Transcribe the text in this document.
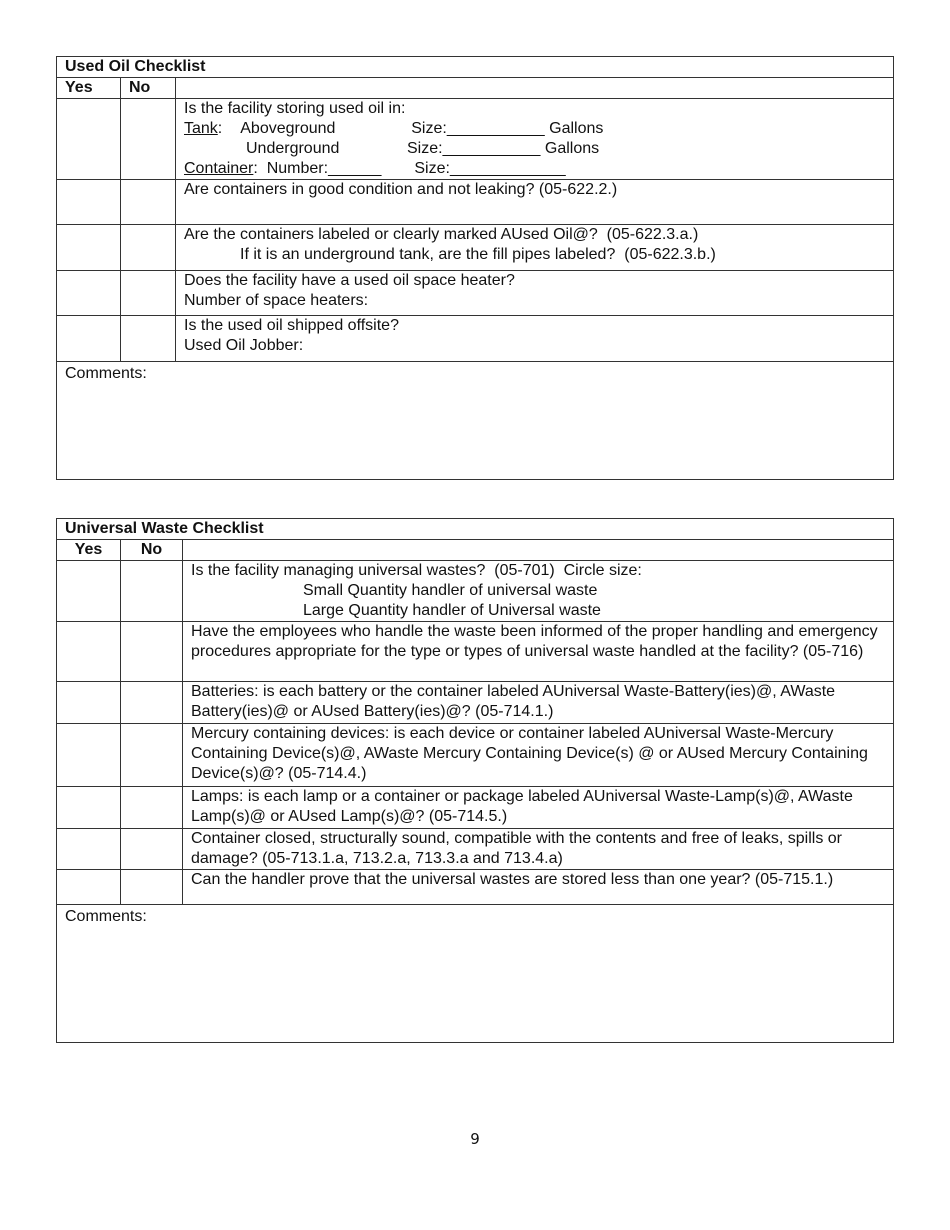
Used Oil Checklist		
Yes	No	

		Is the facility storing used oil in:
Tank: Aboveground Size:___________ Gallons
Underground Size:___________ Gallons
Container:  Number:______ Size:_____________

		Are containers in good condition and not leaking? (05-622.2.)

		Are the containers labeled or clearly marked AUsed Oil@?  (05-622.3.a.)
If it is an underground tank, are the fill pipes labeled?  (05-622.3.b.)

		Does the facility have a used oil space heater?
Number of space heaters:

		Is the used oil shipped offsite?
Used Oil Jobber:

Comments:		
Universal Waste Checklist		
Yes	No	

		Is the facility managing universal wastes?  (05-701)  Circle size:
Small Quantity handler of universal waste
Large Quantity handler of Universal waste

		Have the employees who handle the waste been informed of the proper handling and emergency procedures appropriate for the type or types of universal waste handled at the facility? (05-716)
		Batteries: is each battery or the container labeled AUniversal Waste-Battery(ies)@, AWaste Battery(ies)@ or AUsed Battery(ies)@? (05-714.1.)
		Mercury containing devices: is each device or container labeled AUniversal Waste-Mercury Containing Device(s)@, AWaste Mercury Containing Device(s) @ or AUsed Mercury Containing Device(s)@? (05-714.4.)
		Lamps: is each lamp or a container or package labeled AUniversal Waste-Lamp(s)@, AWaste Lamp(s)@ or AUsed Lamp(s)@? (05-714.5.)
		Container closed, structurally sound, compatible with the contents and free of leaks, spills or damage? (05-713.1.a, 713.2.a, 713.3.a and 713.4.a)
		Can the handler prove that the universal wastes are stored less than one year? (05-715.1.)
Comments:		
9
